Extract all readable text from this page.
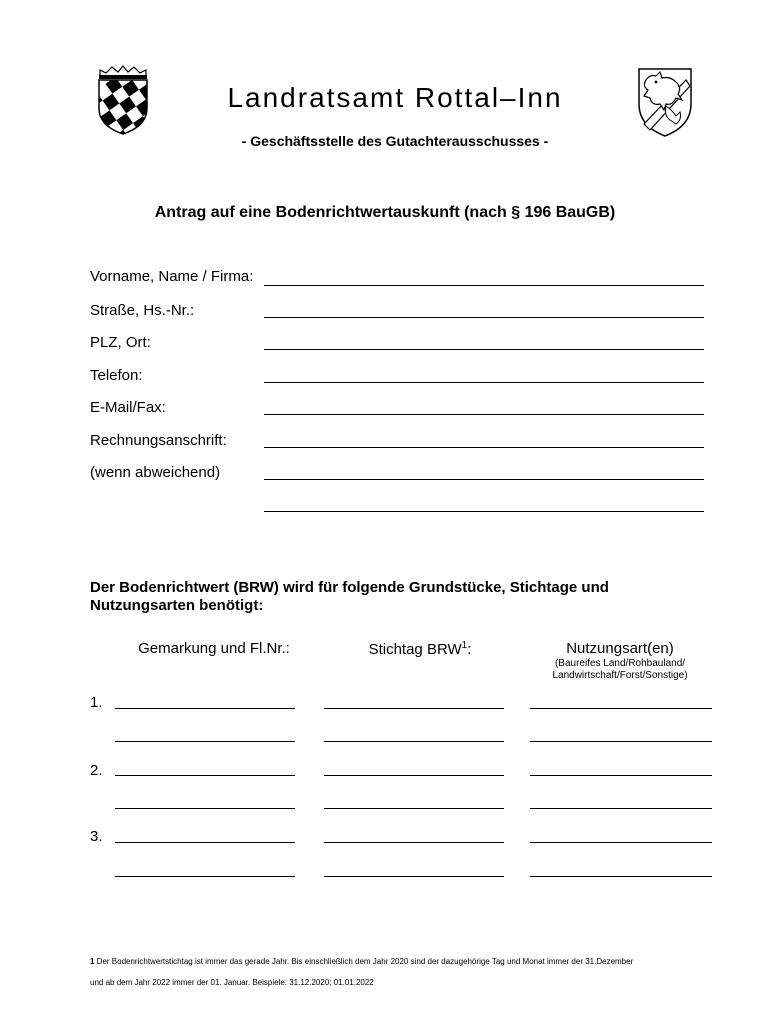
Landratsamt Rottal–Inn
- Geschäftsstelle des Gutachterausschusses -
Antrag auf eine Bodenrichtwertauskunft (nach § 196 BauGB)
Vorname, Name / Firma:
Straße, Hs.-Nr.:
PLZ, Ort:
Telefon:
E-Mail/Fax:
Rechnungsanschrift:
(wenn abweichend)
Der Bodenrichtwert (BRW) wird für folgende Grundstücke, Stichtage und Nutzungsarten benötigt:
Gemarkung und Fl.Nr.:	Stichtag BRW$^1$:	Nutzungsart(en)
(Baureifes Land/Rohbauland/
Landwirtschaft/Forst/Sonstige)
1.
2.
3.
1 Der Bodenrichtwertstichtag ist immer das gerade Jahr. Bis einschließlich dem Jahr 2020 sind der dazugehörige Tag und Monat immer der 31.Dezember
und ab dem Jahr 2022 immer der 01. Januar. Beispiele: 31.12.2020; 01.01.2022
